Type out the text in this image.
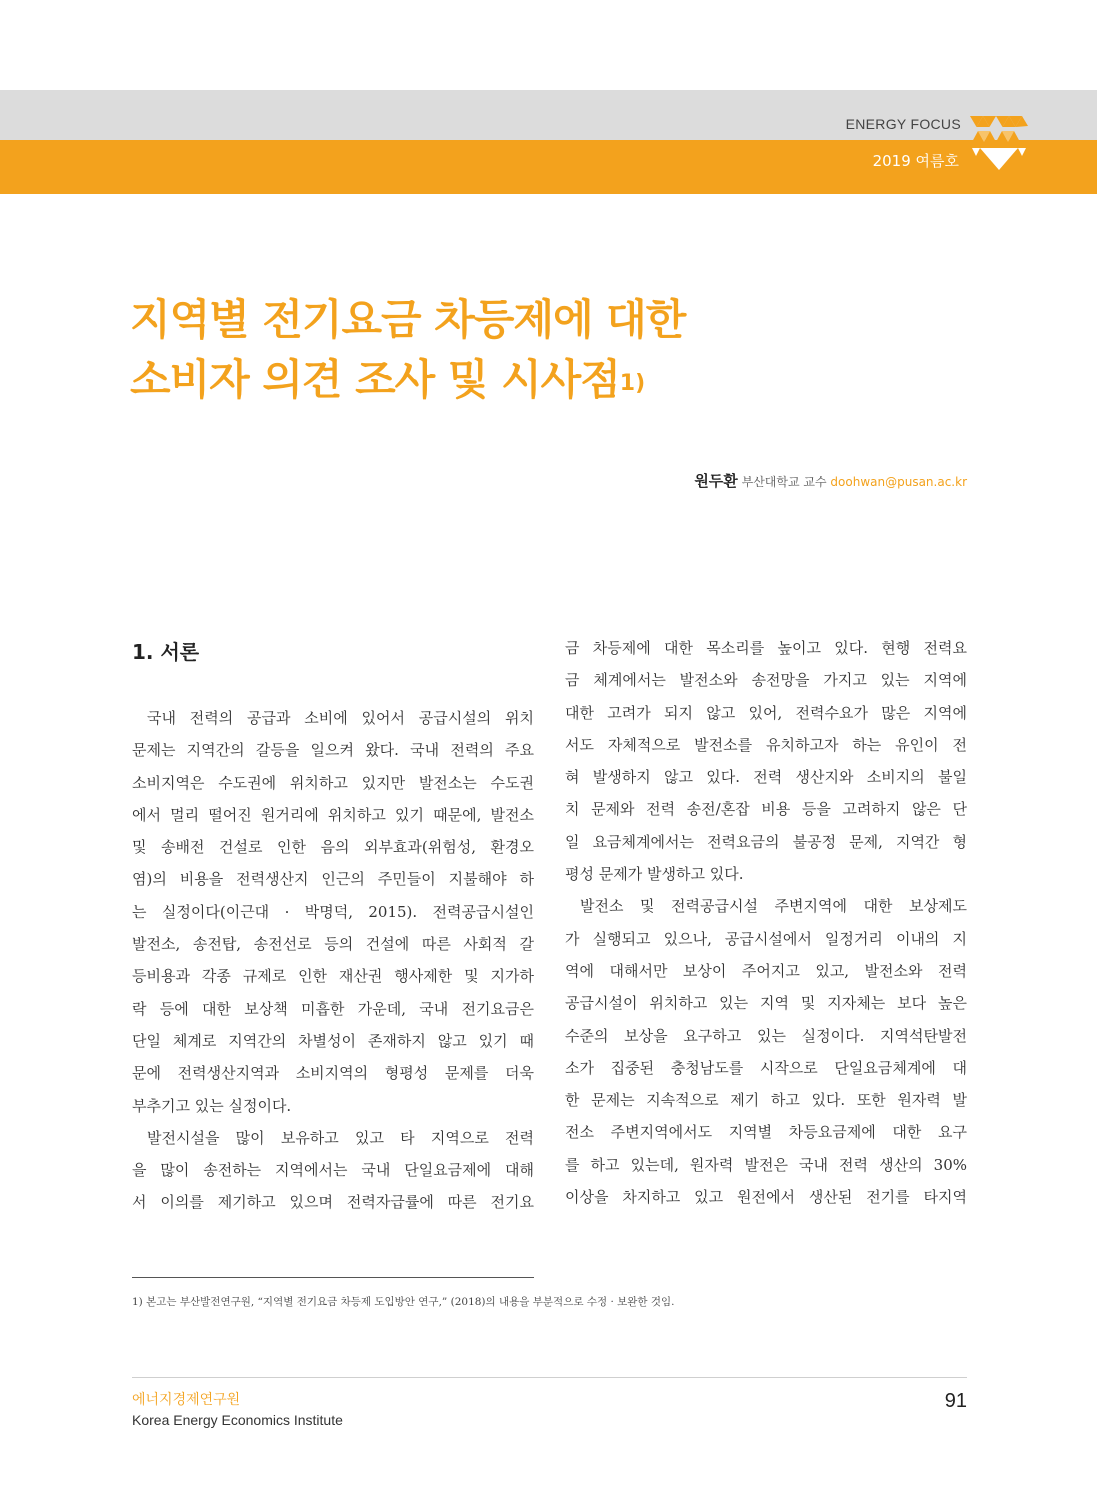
ENERGY FOCUS
2019 여름호
지역별 전기요금 차등제에 대한
소비자 의견 조사 및 시사점$^{1)}$
원두환 부산대학교 교수 doohwan@pusan.ac.kr
1. 서론
국내 전력의 공급과 소비에 있어서 공급시설의 위치
문제는 지역간의 갈등을 일으켜 왔다. 국내 전력의 주요
소비지역은 수도권에 위치하고 있지만 발전소는 수도권
에서 멀리 떨어진 원거리에 위치하고 있기 때문에, 발전소
및 송배전 건설로 인한 음의 외부효과(위험성, 환경오
염)의 비용을 전력생산지 인근의 주민들이 지불해야 하
는 실정이다(이근대 · 박명덕, 2015). 전력공급시설인
발전소, 송전탑, 송전선로 등의 건설에 따른 사회적 갈
등비용과 각종 규제로 인한 재산권 행사제한 및 지가하
락 등에 대한 보상책 미흡한 가운데, 국내 전기요금은
단일 체계로 지역간의 차별성이 존재하지 않고 있기 때
문에 전력생산지역과 소비지역의 형평성 문제를 더욱
부추기고 있는 실정이다.
발전시설을 많이 보유하고 있고 타 지역으로 전력
을 많이 송전하는 지역에서는 국내 단일요금제에 대해
서 이의를 제기하고 있으며 전력자급률에 따른 전기요
금 차등제에 대한 목소리를 높이고 있다. 현행 전력요
금 체계에서는 발전소와 송전망을 가지고 있는 지역에
대한 고려가 되지 않고 있어, 전력수요가 많은 지역에
서도 자체적으로 발전소를 유치하고자 하는 유인이 전
혀 발생하지 않고 있다. 전력 생산지와 소비지의 불일
치 문제와 전력 송전/혼잡 비용 등을 고려하지 않은 단
일 요금체계에서는 전력요금의 불공정 문제, 지역간 형
평성 문제가 발생하고 있다.
발전소 및 전력공급시설 주변지역에 대한 보상제도
가 실행되고 있으나, 공급시설에서 일정거리 이내의 지
역에 대해서만 보상이 주어지고 있고, 발전소와 전력
공급시설이 위치하고 있는 지역 및 지자체는 보다 높은
수준의 보상을 요구하고 있는 실정이다. 지역석탄발전
소가 집중된 충청남도를 시작으로 단일요금체계에 대
한 문제는 지속적으로 제기 하고 있다. 또한 원자력 발
전소 주변지역에서도 지역별 차등요금제에 대한 요구
를 하고 있는데, 원자력 발전은 국내 전력 생산의 30%
이상을 차지하고 있고 원전에서 생산된 전기를 타지역
1) 본고는 부산발전연구원, “지역별 전기요금 차등제 도입방안 연구,” (2018)의 내용을 부분적으로 수정 · 보완한 것임.
에너지경제연구원
Korea Energy Economics Institute
91
